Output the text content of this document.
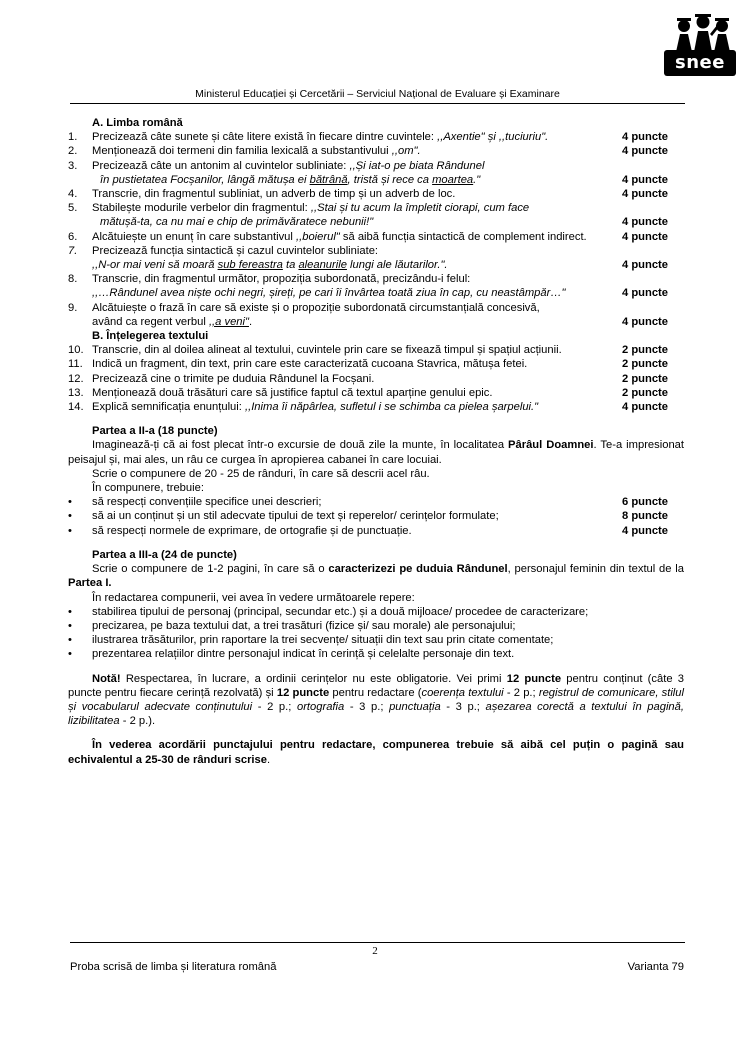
snee
Ministerul Educației și Cercetării – Serviciul Național de Evaluare și Examinare
A. Limba română
1. Precizează câte sunete și câte litere există în fiecare dintre cuvintele: ,,Axentie" și ,,tuciuriu".	4 puncte
2. Menționează doi termeni din familia lexicală a substantivului ,,om".	4 puncte
3. Precizează câte un antonim al cuvintelor subliniate: ,,Și iat-o pe biata Rândunel
în pustietatea Focșanilor, lângă mătușa ei bătrână, tristă și rece ca moartea."	4 puncte
4. Transcrie, din fragmentul subliniat, un adverb de timp și un adverb de loc.	4 puncte
5. Stabilește modurile verbelor din fragmentul: ,,Stai și tu acum la împletit ciorapi, cum face
mătușă-ta, ca nu mai e chip de primăvăratece nebunii!"	4 puncte
6. Alcătuiește un enunț în care substantivul ,,boierul" să aibă funcția sintactică de complement indirect.	4 puncte
7. Precizează funcția sintactică și cazul cuvintelor subliniate:
,,N-or mai veni să moară sub fereastra ta aleanurile lungi ale lăutarilor.".	4 puncte
8. Transcrie, din fragmentul următor, propoziția subordonată, precizându-i felul:
,,…Rândunel avea niște ochi negri, șireți, pe cari îi învârtea toată ziua în cap, cu neastâmpăr…"	4 puncte
9. Alcătuiește o frază în care să existe și o propoziție subordonată circumstanțială concesivă,
având ca regent verbul ,,a veni".	4 puncte
B. Înțelegerea textului
10. Transcrie, din al doilea alineat al textului, cuvintele prin care se fixează timpul și spațiul acțiunii.	2 puncte
11. Indică un fragment, din text, prin care este caracterizată cucoana Stavrica, mătușa fetei.	2 puncte
12. Precizează cine o trimite pe duduia Rândunel la Focșani.	2 puncte
13. Menționează două trăsături care să justifice faptul că textul aparține genului epic.	2 puncte
14. Explică semnificația enunțului: ,,Inima îi năpârlea, sufletul i se schimba ca pielea șarpelui."	4 puncte
Partea a II-a (18 puncte)
Imaginează-ți că ai fost plecat într-o excursie de două zile la munte, în localitatea Pârâul Doamnei. Te-a impresionat peisajul și, mai ales, un râu ce curgea în apropierea cabanei în care locuiai.
Scrie o compunere de 20 - 25 de rânduri, în care să descrii acel râu.
În compunere, trebuie:
• să respecți convențiile specifice unei descrieri;	6 puncte
• să ai un conținut și un stil adecvate tipului de text și reperelor/ cerințelor formulate;	8 puncte
• să respecți normele de exprimare, de ortografie și de punctuație.	4 puncte
Partea a III-a (24 de puncte)
Scrie o compunere de 1-2 pagini, în care să o caracterizezi pe duduia Rândunel, personajul feminin din textul de la Partea I.
În redactarea compunerii, vei avea în vedere următoarele repere:
• stabilirea tipului de personaj (principal, secundar etc.) și a două mijloace/ procedee de caracterizare;
• precizarea, pe baza textului dat, a trei trasături (fizice și/ sau morale) ale personajului;
• ilustrarea trăsăturilor, prin raportare la trei secvențe/ situații din text sau prin citate comentate;
• prezentarea relațiilor dintre personajul indicat în cerință și celelalte personaje din text.
Notă! Respectarea, în lucrare, a ordinii cerințelor nu este obligatorie. Vei primi 12 puncte pentru conținut (câte 3 puncte pentru fiecare cerință rezolvată) și 12 puncte pentru redactare (coerența textului - 2 p.; registrul de comunicare, stilul și vocabularul adecvate conținutului - 2 p.; ortografia - 3 p.; punctuația - 3 p.; așezarea corectă a textului în pagină, lizibilitatea - 2 p.).
În vederea acordării punctajului pentru redactare, compunerea trebuie să aibă cel puțin o pagină sau echivalentul a 25-30 de rânduri scrise.
2
Proba scrisă de limba și literatura română	Varianta 79
